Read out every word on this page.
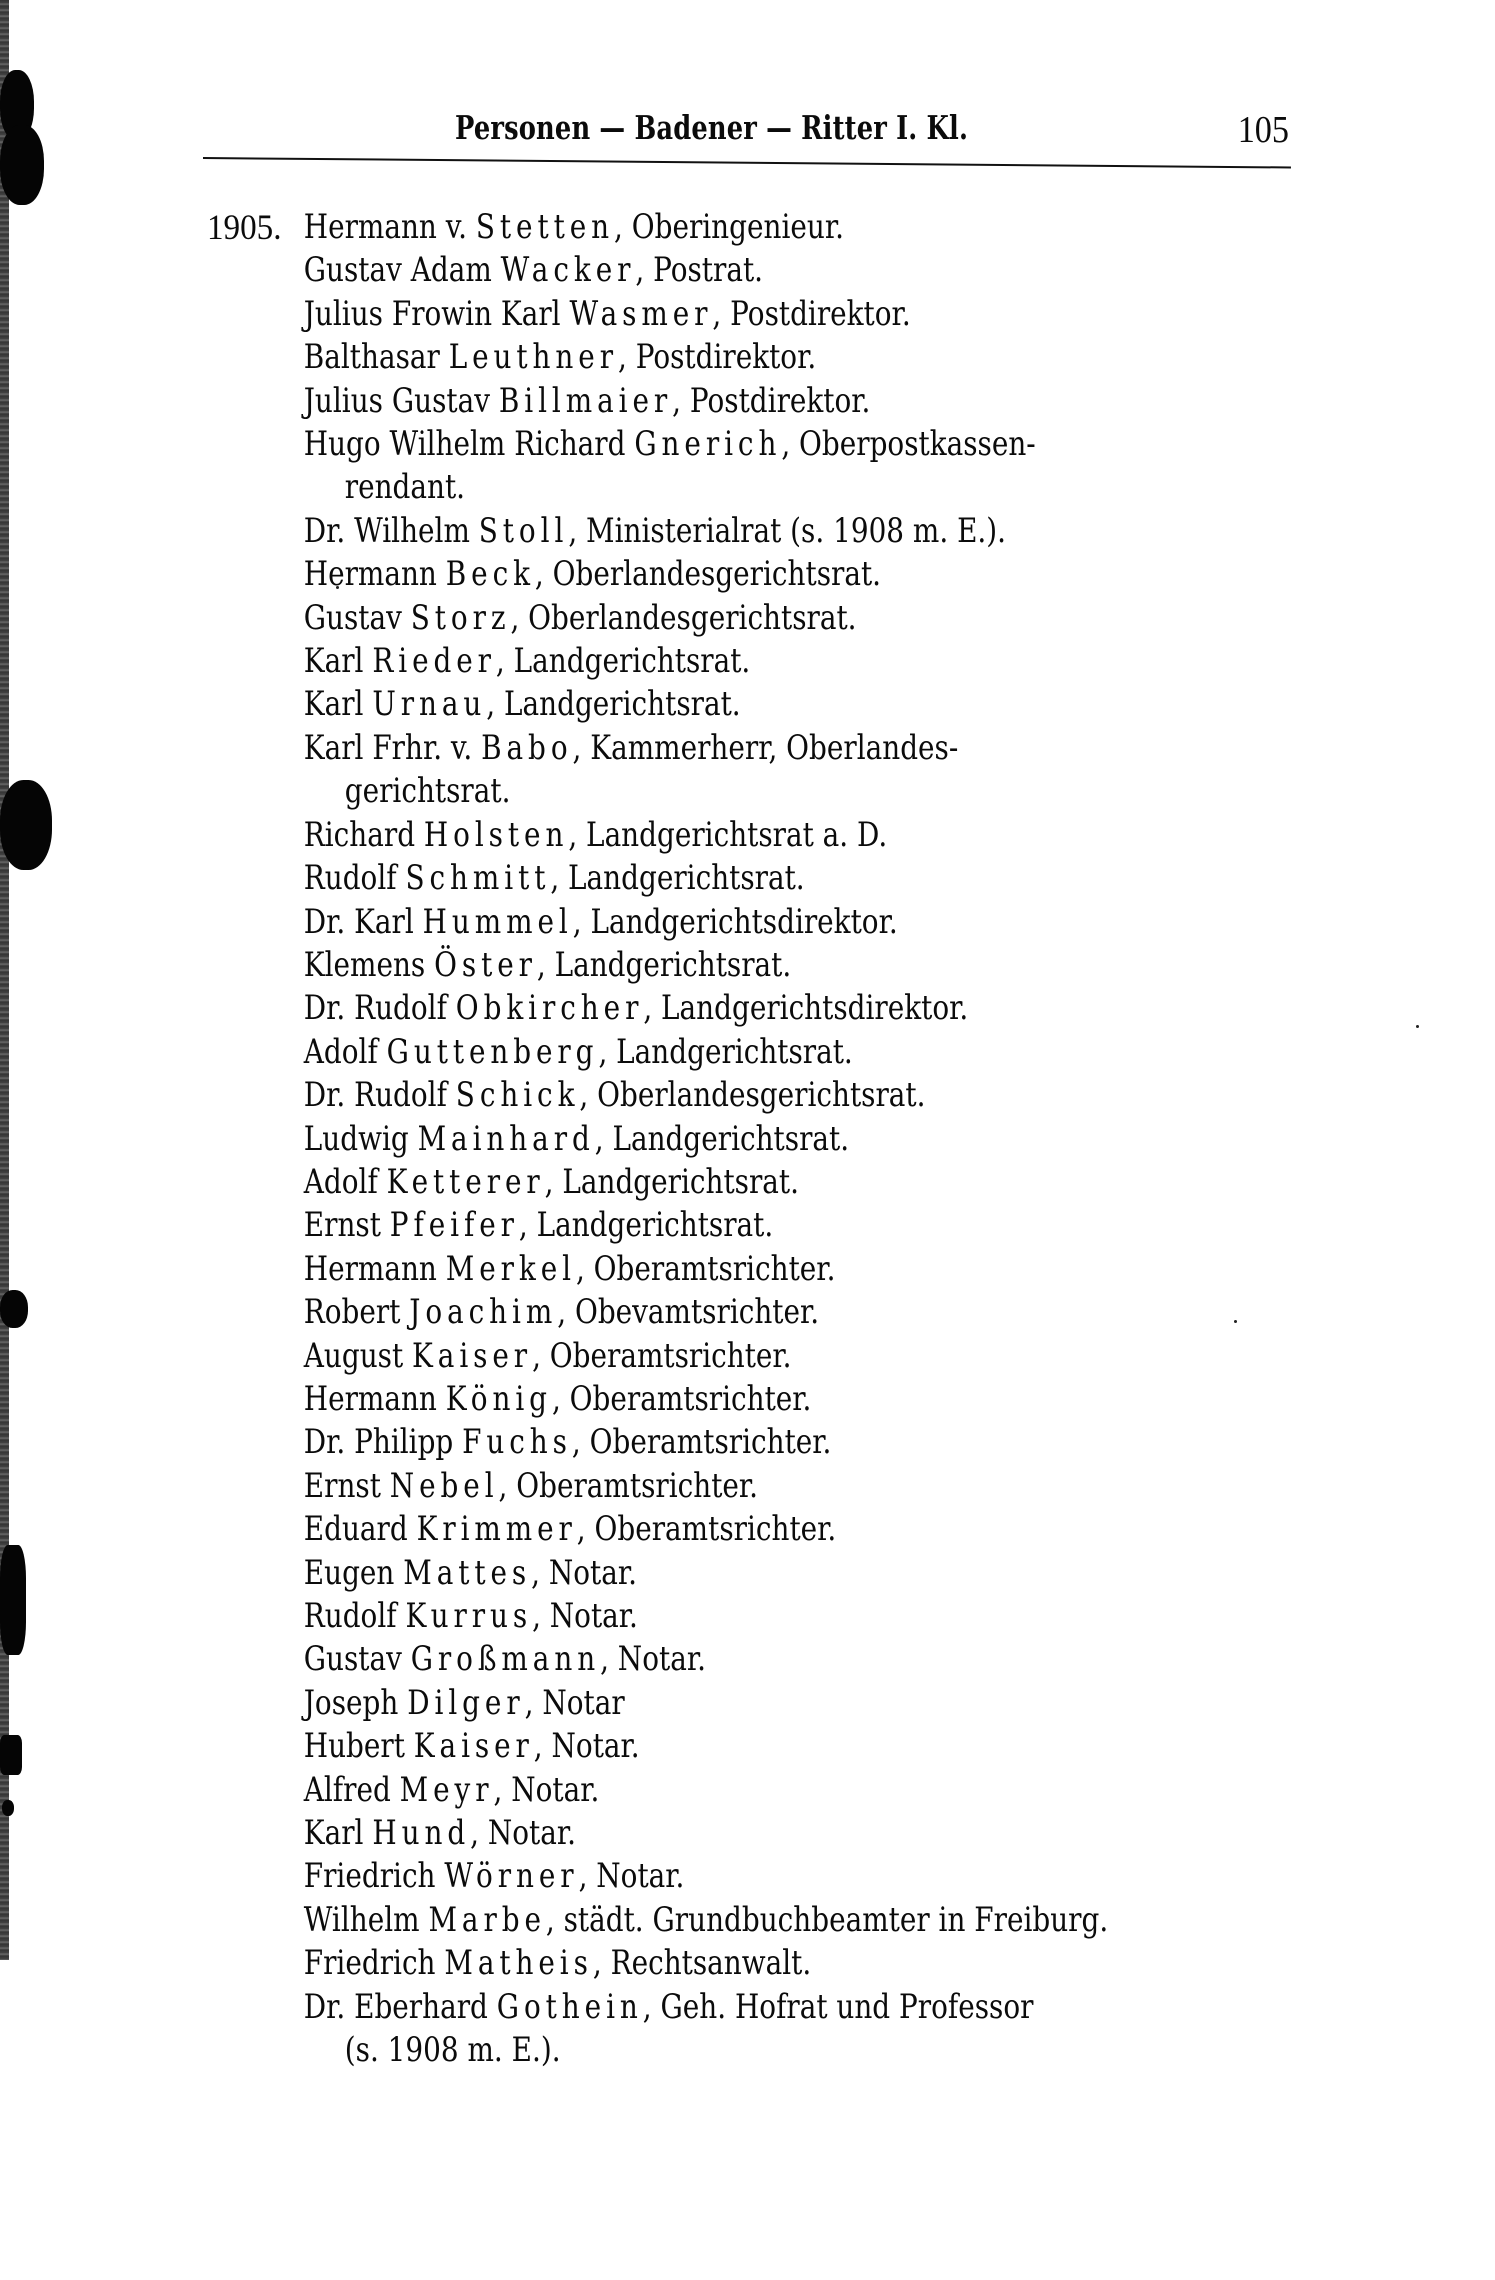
Personen — Badener — Ritter I. Kl.	105
1905. Hermann v. Stetten, Oberingenieur.
Gustav Adam Wacker, Postrat.
Julius Frowin Karl Wasmer, Postdirektor.
Balthasar Leuthner, Postdirektor.
Julius Gustav Billmaier, Postdirektor.
Hugo Wilhelm Richard Gnerich, Oberpostkassen-
rendant.
Dr. Wilhelm Stoll, Ministerialrat (s. 1908 m. E.).
Hermann Beck, Oberlandesgerichtsrat.
Gustav Storz, Oberlandesgerichtsrat.
Karl Rieder, Landgerichtsrat.
Karl Urnau, Landgerichtsrat.
Karl Frhr. v. Babo, Kammerherr, Oberlandes-
gerichtsrat.
Richard Holsten, Landgerichtsrat a. D.
Rudolf Schmitt, Landgerichtsrat.
Dr. Karl Hummel, Landgerichtsdirektor.
Klemens Öster, Landgerichtsrat.
Dr. Rudolf Obkircher, Landgerichtsdirektor.
Adolf Guttenberg, Landgerichtsrat.
Dr. Rudolf Schick, Oberlandesgerichtsrat.
Ludwig Mainhard, Landgerichtsrat.
Adolf Ketterer, Landgerichtsrat.
Ernst Pfeifer, Landgerichtsrat.
Hermann Merkel, Oberamtsrichter.
Robert Joachim, Obevamtsrichter.
August Kaiser, Oberamtsrichter.
Hermann König, Oberamtsrichter.
Dr. Philipp Fuchs, Oberamtsrichter.
Ernst Nebel, Oberamtsrichter.
Eduard Krimmer, Oberamtsrichter.
Eugen Mattes, Notar.
Rudolf Kurrus, Notar.
Gustav Großmann, Notar.
Joseph Dilger, Notar
Hubert Kaiser, Notar.
Alfred Meyr, Notar.
Karl Hund, Notar.
Friedrich Wörner, Notar.
Wilhelm Marbe, städt. Grundbuchbeamter in Freiburg.
Friedrich Matheis, Rechtsanwalt.
Dr. Eberhard Gothein, Geh. Hofrat und Professor
(s. 1908 m. E.).
